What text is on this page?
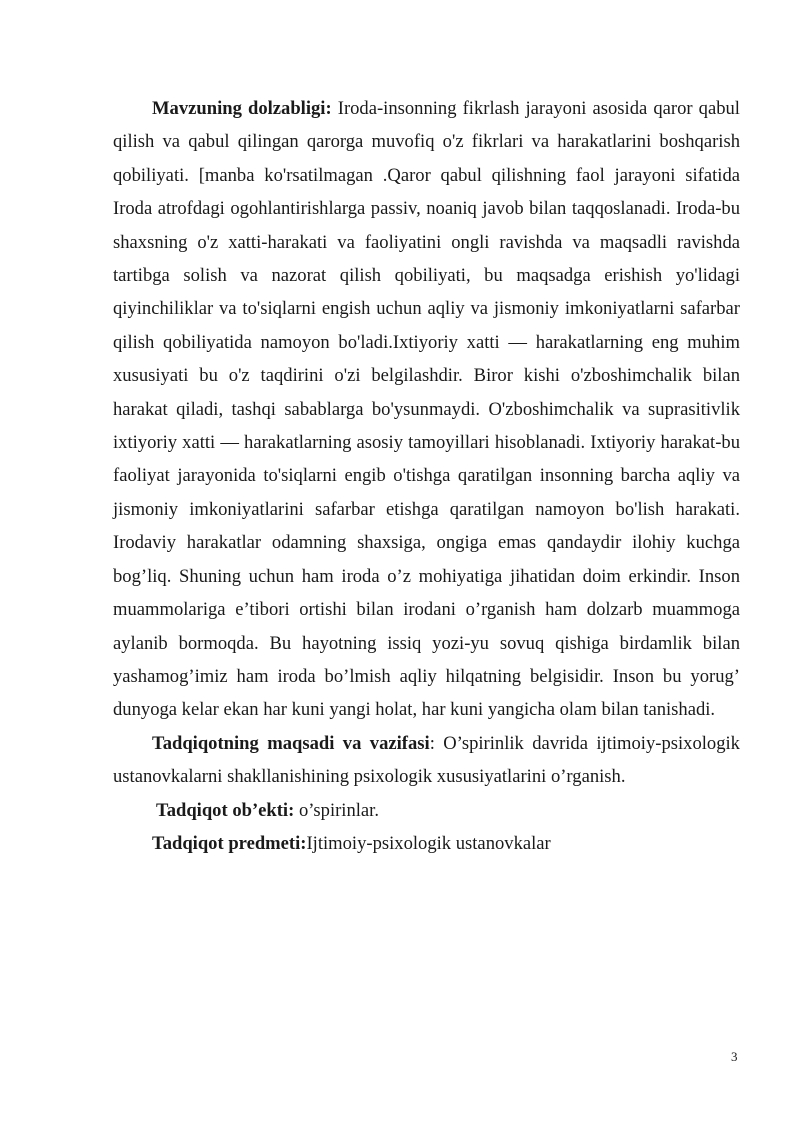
Mavzuning dolzabligi: Iroda-insonning fikrlash jarayoni asosida qaror qabul qilish va qabul qilingan qarorga muvofiq o'z fikrlari va harakatlarini boshqarish qobiliyati. [manba ko'rsatilmagan .Qaror qabul qilishning faol jarayoni sifatida Iroda atrofdagi ogohlantirishlarga passiv, noaniq javob bilan taqqoslanadi. Iroda-bu shaxsning o'z xatti-harakati va faoliyatini ongli ravishda va maqsadli ravishda tartibga solish va nazorat qilish qobiliyati, bu maqsadga erishish yo'lidagi qiyinchiliklar va to'siqlarni engish uchun aqliy va jismoniy imkoniyatlarni safarbar qilish qobiliyatida namoyon bo'ladi.Ixtiyoriy xatti — harakatlarning eng muhim xususiyati bu o'z taqdirini o'zi belgilashdir. Biror kishi o'zboshimchalik bilan harakat qiladi, tashqi sabablarga bo'ysunmaydi. O'zboshimchalik va suprasitivlik ixtiyoriy xatti — harakatlarning asosiy tamoyillari hisoblanadi. Ixtiyoriy harakat-bu faoliyat jarayonida to'siqlarni engib o'tishga qaratilgan insonning barcha aqliy va jismoniy imkoniyatlarini safarbar etishga qaratilgan namoyon bo'lish harakati. Irodaviy harakatlar odamning shaxsiga, ongiga emas qandaydir ilohiy kuchga bog’liq. Shuning uchun ham iroda o’z mohiyatiga jihatidan doim erkindir. Inson muammolariga e’tibori ortishi bilan irodani o’rganish ham dolzarb muammoga aylanib bormoqda. Bu hayotning issiq yozi-yu sovuq qishiga birdamlik bilan yashamog’imiz ham iroda bo’lmish aqliy hilqatning belgisidir. Inson bu yorug’ dunyoga kelar ekan har kuni yangi holat, har kuni yangicha olam bilan tanishadi.

Tadqiqotning maqsadi va vazifasi: O’spirinlik davrida ijtimoiy-psixologik ustanovkalarni shakllanishining psixologik xususiyatlarini o’rganish.

Tadqiqot ob’ekti: o’spirinlar.

Tadqiqot predmeti:Ijtimoiy-psixologik ustanovkalar

3
